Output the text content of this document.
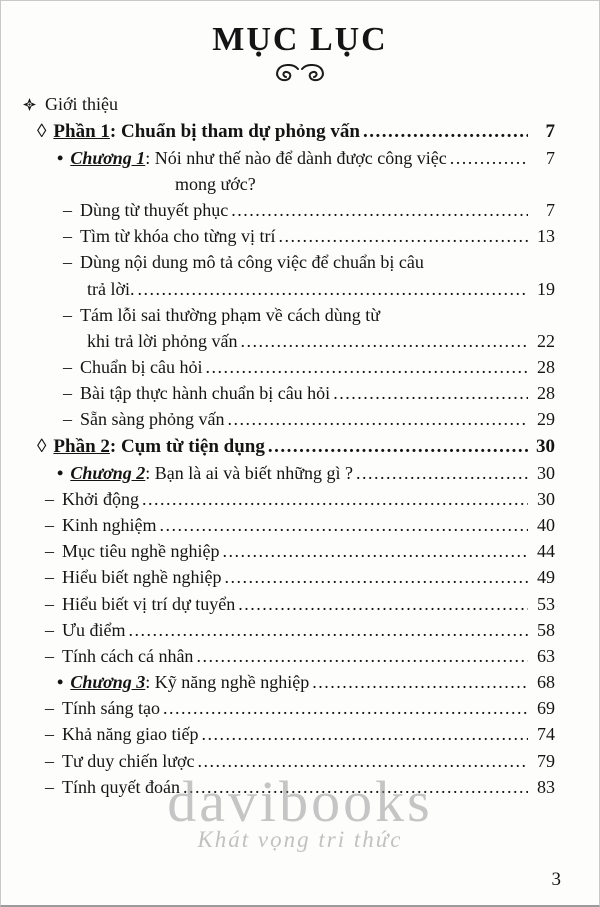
MỤC LỤC
Giới thiệu
◊ Phần 1 : Chuẩn bị tham dự phỏng vấn .....	7
• Chương 1 : Nói như thế nào để dành được công việc .....	7
mong ước?
– Dùng từ thuyết phục .....	7
– Tìm từ khóa cho từng vị trí .....	13
– Dùng nội dung mô tả công việc để chuẩn bị câu
trả lời. .....	19
– Tám lỗi sai thường phạm về cách dùng từ
khi trả lời phỏng vấn .....	22
– Chuẩn bị câu hỏi .....	28
– Bài tập thực hành chuẩn bị câu hỏi .....	28
– Sẵn sàng phỏng vấn .....	29
◊ Phần 2 : Cụm từ tiện dụng .....	30
• Chương 2 : Bạn là ai và biết những gì ? .....	30
– Khởi động .....	30
– Kinh nghiệm .....	40
– Mục tiêu nghề nghiệp .....	44
– Hiểu biết nghề nghiệp .....	49
– Hiểu biết vị trí dự tuyển .....	53
– Ưu điểm .....	58
– Tính cách cá nhân .....	63
• Chương 3 : Kỹ năng nghề nghiệp .....	68
– Tính sáng tạo .....	69
– Khả năng giao tiếp .....	74
– Tư duy chiến lược .....	79
– Tính quyết đoán .....	83
davibooks
Khát vọng tri thức
3
